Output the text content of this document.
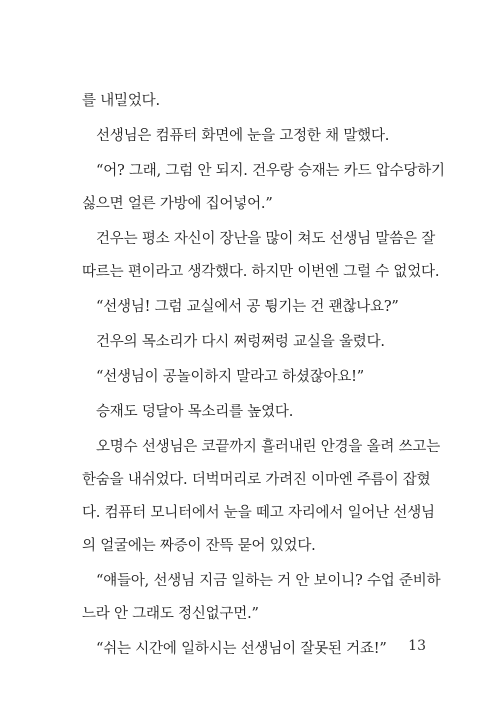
를 내밀었다.
선생님은 컴퓨터 화면에 눈을 고정한 채 말했다.
“어? 그래, 그럼 안 되지. 건우랑 승재는 카드 압수당하기
싫으면 얼른 가방에 집어넣어.”
건우는 평소 자신이 장난을 많이 쳐도 선생님 말씀은 잘
따르는 편이라고 생각했다. 하지만 이번엔 그럴 수 없었다.
“선생님! 그럼 교실에서 공 튕기는 건 괜찮나요?”
건우의 목소리가 다시 쩌렁쩌렁 교실을 울렸다.
“선생님이 공놀이하지 말라고 하셨잖아요!”
승재도 덩달아 목소리를 높였다.
오명수 선생님은 코끝까지 흘러내린 안경을 올려 쓰고는
한숨을 내쉬었다. 더벅머리로 가려진 이마엔 주름이 잡혔
다. 컴퓨터 모니터에서 눈을 떼고 자리에서 일어난 선생님
의 얼굴에는 짜증이 잔뜩 묻어 있었다.
“얘들아, 선생님 지금 일하는 거 안 보이니? 수업 준비하
느라 안 그래도 정신없구먼.”
“쉬는 시간에 일하시는 선생님이 잘못된 거죠!”	13
